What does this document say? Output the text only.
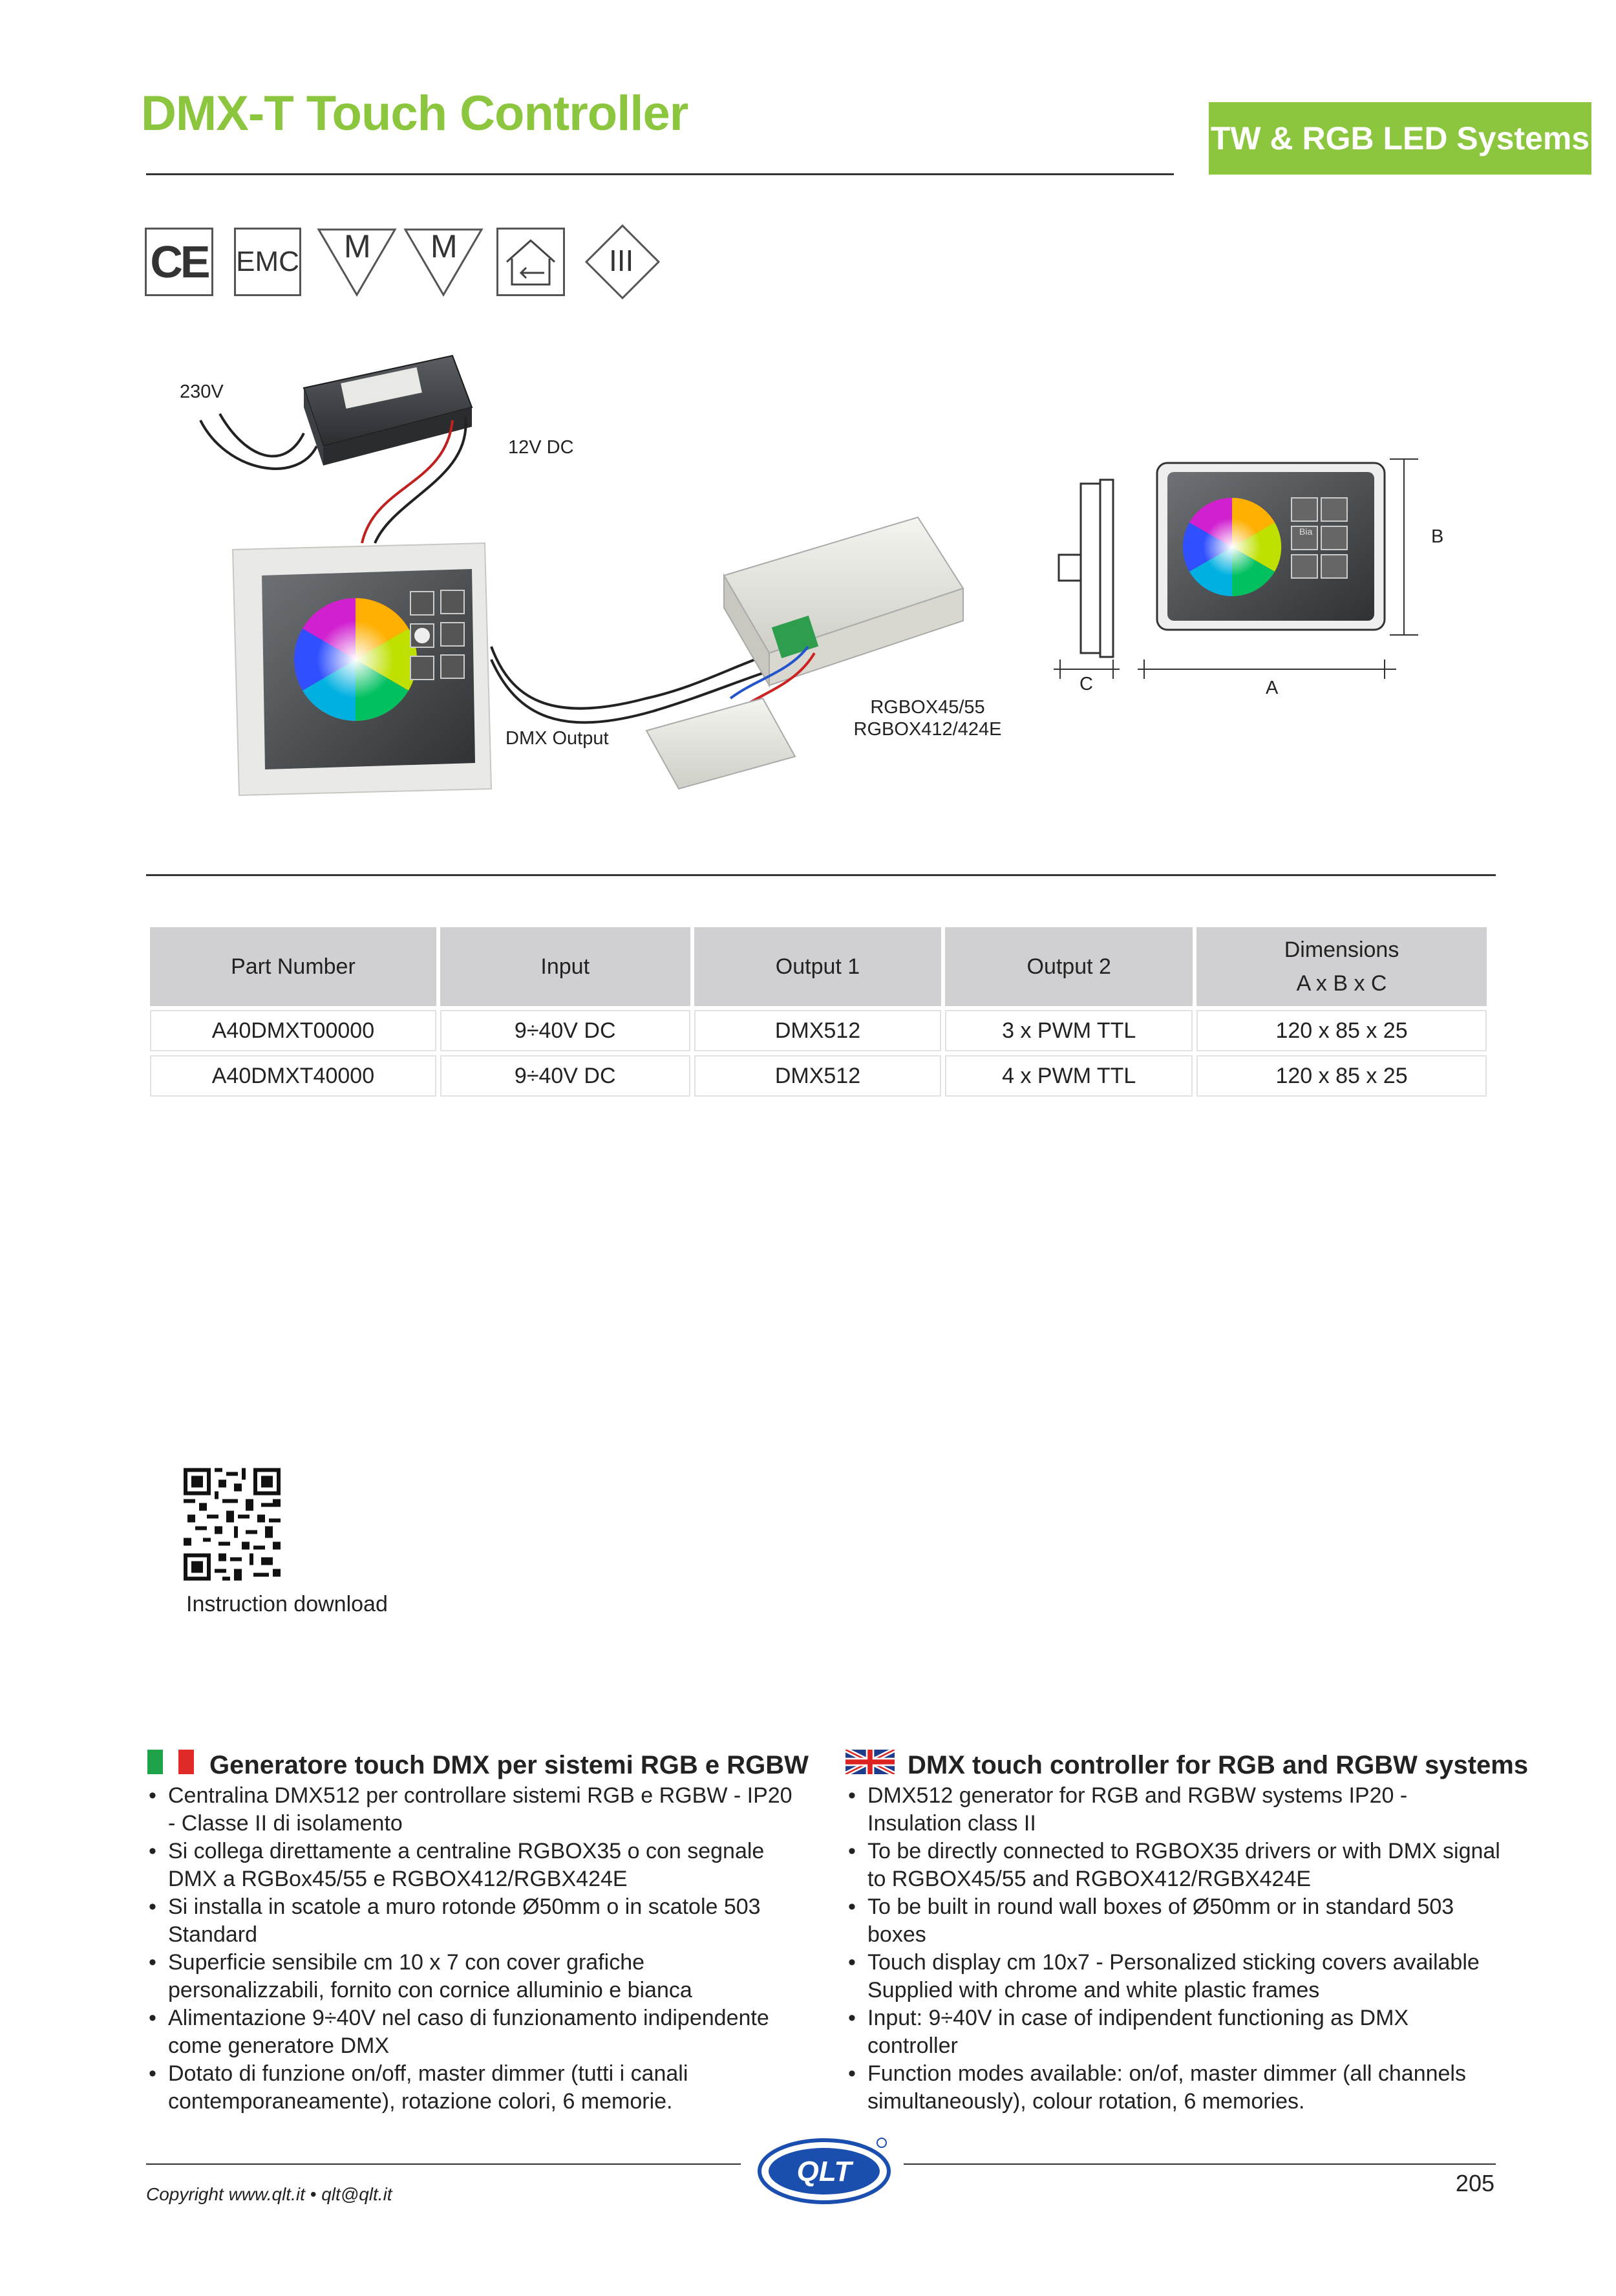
DMX-T Touch Controller	TW & RGB LED Systems
CE EMC M M	III
230V
12V DC
DMX Output
RGBOX45/55
RGBOX412/424E
Bia	B
C	A
Part Number	Input	Output 1	Output 2	Dimensions
A x B x C

A40DMXT00000	9÷40V DC	DMX512	3 x PWM TTL	120 x 85 x 25
A40DMXT40000	9÷40V DC	DMX512	4 x PWM TTL	120 x 85 x 25
Instruction download
Generatore touch DMX per sistemi RGB e RGBW
• Centralina DMX512 per controllare sistemi RGB e RGBW - IP20 - Classe II di isolamento
• Si collega direttamente a centraline RGBOX35 o con segnale DMX a RGBox45/55 e RGBOX412/RGBX424E
• Si installa in scatole a muro rotonde Ø50mm o in scatole 503 Standard
• Superficie sensibile cm 10 x 7 con cover grafiche personalizzabili, fornito con cornice alluminio e bianca
• Alimentazione 9÷40V nel caso di funzionamento indipendente come generatore DMX
• Dotato di funzione on/off, master dimmer (tutti i canali contemporaneamente), rotazione colori, 6 memorie.
DMX touch controller for RGB and RGBW systems
• DMX512 generator for RGB and RGBW systems IP20 - Insulation class II
• To be directly connected to RGBOX35 drivers or with DMX signal to RGBOX45/55 and RGBOX412/RGBX424E
• To be built in round wall boxes of Ø50mm or in standard 503 boxes
• Touch display cm 10x7 - Personalized sticking covers available Supplied with chrome and white plastic frames
• Input: 9÷40V in case of indipendent functioning as DMX controller
• Function modes available: on/of, master dimmer (all channels simultaneously), colour rotation, 6 memories.
QLT
Copyright www.qlt.it • qlt@qlt.it	205
